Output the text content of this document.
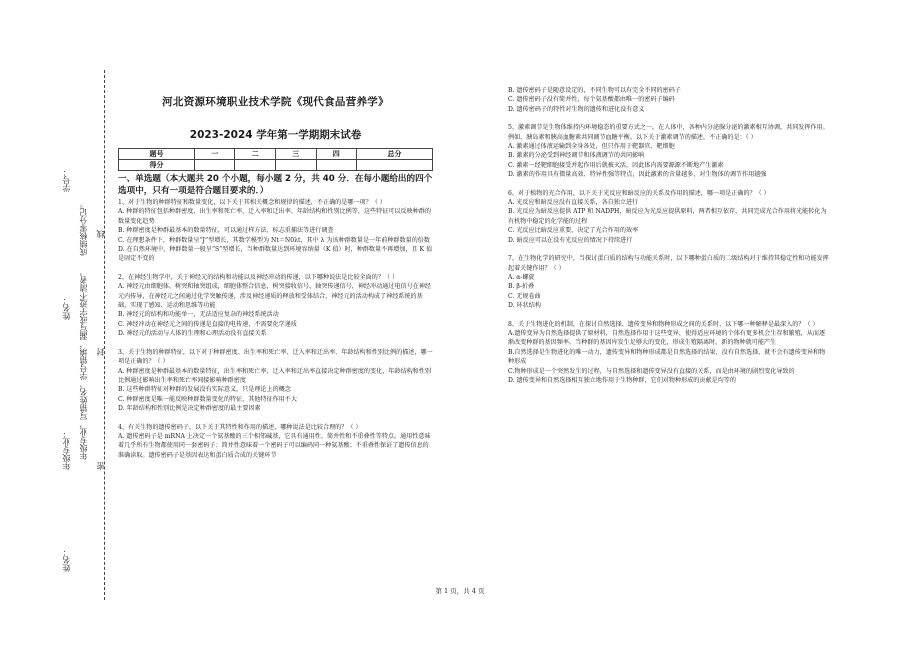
学号：
成绩核零分记。
写错姓名、学号错填、漏写或字迹不清者，
姓名：
年级专业： 年级专业，
线
封
密
姓名：
河北资源环境职业技术学院《现代食品营养学》
2023-2024 学年第一学期期末试卷
题号	一	二	三	四	总分
得分					
一、单选题（本大题共 20 个小题，每小题 2 分，共 40 分．在每小题给出的四个选项中，只有一项是符合题目要求的．）

1、对于生物的种群特征和数量变化，以下关于其相关概念和规律的描述，不正确的是哪一项？（ ）

A. 种群的特征包括种群密度、出生率和死亡率、迁入率和迁出率、年龄结构和性别比例等，这些特征可以反映种群的数量变化趋势

B. 种群密度是种群最基本的数量特征，可以通过样方法、标志重捕法等进行调查

C. 在理想条件下，种群数量呈“J”型增长，其数学模型为 Nt＝N0λt，其中 λ 为该种群数量是一年前种群数量的倍数

D. 在自然环境中，种群数量一般呈“S”型增长，当种群数量达到环境容纳量（K 值）时，种群数量不再增加，且 K 值是固定不变的

2、在神经生物学中，关于神经元的结构和功能以及神经冲动的传递，以下哪种说法是比较全面的？（ ）

A. 神经元由细胞体、树突和轴突组成，细胞体整合信息，树突接收信号，轴突传递信号，神经冲动通过电信号在神经元内传导，在神经元之间通过化学突触传递，涉及神经递质的释放和受体结合，神经元的活动构成了神经系统的基础，实现了感知、运动和思维等功能

B. 神经元的结构和功能单一，无法适应复杂的神经系统活动

C. 神经冲动在神经元之间的传递是直接的电传递，不需要化学递质

D. 神经元的活动与人体的生理和心理活动没有直接关系

3、关于生物的种群特征，以下对于种群密度、出生率和死亡率、迁入率和迁出率、年龄结构和性别比例的描述，哪一项是正确的？（ ）

A. 种群密度是种群最基本的数量特征，出生率和死亡率、迁入率和迁出率直接决定种群密度的变化，年龄结构和性别比例通过影响出生率和死亡率间接影响种群密度

B. 这些种群特征对种群的发展没有实际意义，只是理论上的概念

C. 种群密度是唯一能反映种群数量变化的特征，其他特征作用不大

D. 年龄结构和性别比例是决定种群密度的最主要因素

4、有关生物的遗传密码子，以下关于其特性和作用的描述，哪种说法是比较合理的？（ ）

A. 遗传密码子是 mRNA 上决定一个氨基酸的三个相邻碱基，它具有通用性、简并性和不重叠性等特点。通用性意味着几乎所有生物都使用同一套密码子；简并性意味着一个密码子可以编码同一种氨基酸；不重叠性保证了遗传信息的准确读取。遗传密码子是基因表达和蛋白质合成的关键环节

B. 遗传密码子是随意设定的，不同生物可以有完全不同的密码子

C. 遗传密码子没有简并性，每个氨基酸都由唯一的密码子编码

D. 遗传密码子的特性对生物的遗传和进化没有意义

5、激素调节是生物体维持内环境稳态的重要方式之一。在人体中，各种内分泌腺分泌的激素相互协调，共同发挥作用。例如，胰岛素和胰高血糖素共同调节血糖平衡。以下关于激素调节的描述，不正确的是：（ ）

A. 激素通过体液运输到全身各处，但只作用于靶器官、靶细胞

B. 激素的分泌受到神经调节和体液调节的共同影响

C. 激素一经靶细胞接受并起作用后就被灭活，因此体内需要源源不断地产生激素

D. 激素的作用具有微量高效、特异性强等特点，因此激素的含量越多，对生物体的调节作用越强

6、对于植物的光合作用，以下关于光反应和暗反应的关系及作用的描述，哪一项是正确的？（ ）

A. 光反应和暗反应没有直接关系，各自独立进行

B. 光反应为暗反应提供 ATP 和 NADPH，暗反应为光反应提供原料，两者相互依存，共同完成光合作用将光能转化为有机物中稳定的化学能的过程

C. 光反应比暗反应重要，决定了光合作用的效率

D. 暗反应可以在没有光反应的情况下持续进行

7、在生物化学的研究中，当探讨蛋白质的结构与功能关系时，以下哪种蛋白质的二级结构对于维持其稳定性和功能发挥起着关键作用？（ ）

A. α-螺旋

B. β-折叠

C. 无规卷曲

D. 环状结构

8、关于生物进化的机制，在探讨自然选择、遗传变异和物种形成之间的关系时，以下哪一种解释是最深入的？（ ）

A.遗传变异为自然选择提供了原材料，自然选择作用于这些变异，使得适应环境的个体有更多机会生存和繁殖，从而逐渐改变种群的基因频率。当种群的基因库发生足够大的变化，形成生殖隔离时，新的物种就可能产生

B.自然选择是生物进化的唯一动力，遗传变异和物种形成都是自然选择的结果，没有自然选择，就不会有遗传变异和物种形成

C.物种形成是一个突然发生的过程，与自然选择和遗传变异没有直接的关系，而是由环境的剧烈变化导致的

D. 遗传变异和自然选择相互独立地作用于生物种群，它们对物种形成的贡献是均等的

第 1 页，共 4 页
